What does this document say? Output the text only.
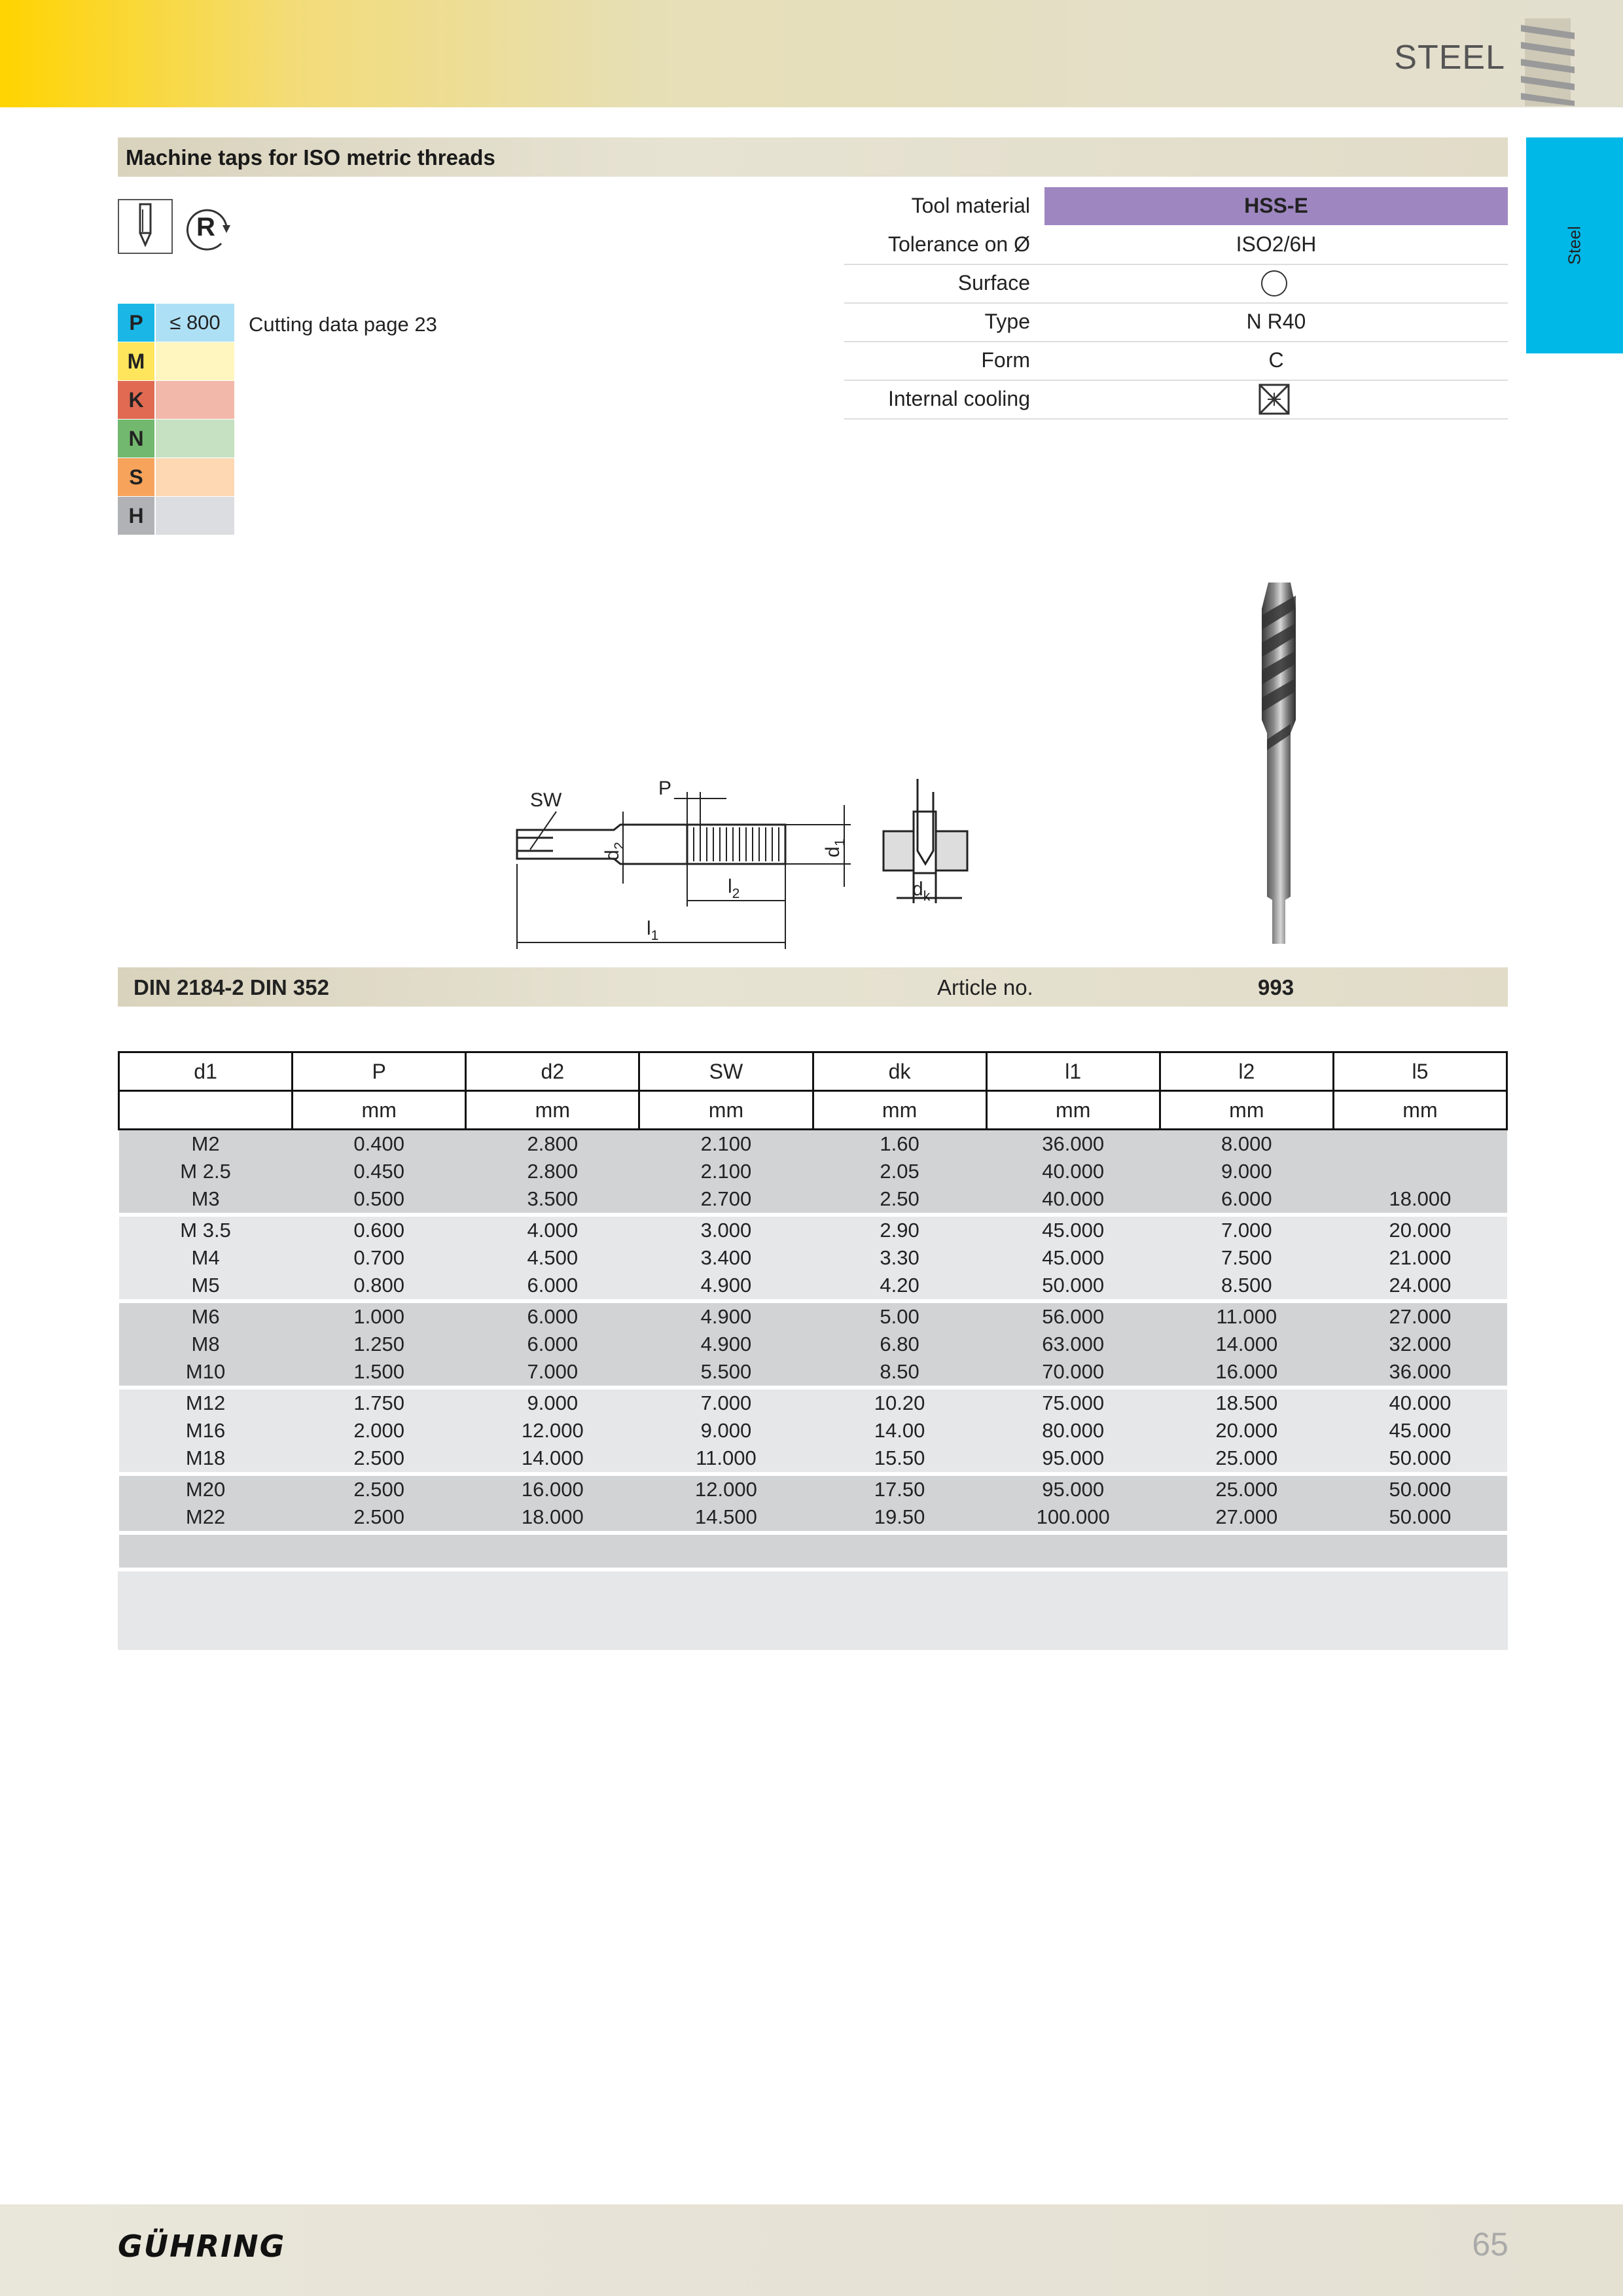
STEEL
Steel
Machine taps for ISO metric threads
R
Tool material	HSS-E
Tolerance on Ø	ISO2/6H
Surface
Type	N R40
Form	C
Internal cooling
P	≤ 800
M
K
N
S
H
Cutting data page 23
SW
P
d
2
d
1
$l_2$
$l_1$
$d_k$
DIN 2184-2 DIN 352	Article no.	993
d1	P	d2	SW	dk	l1	l2	l5
	mm	mm	mm	mm	mm	mm	mm
M2	0.400	2.800	2.100	1.60	36.000	8.000	
M 2.5	0.450	2.800	2.100	2.05	40.000	9.000	
M3	0.500	3.500	2.700	2.50	40.000	6.000	18.000
M 3.5	0.600	4.000	3.000	2.90	45.000	7.000	20.000
M4	0.700	4.500	3.400	3.30	45.000	7.500	21.000
M5	0.800	6.000	4.900	4.20	50.000	8.500	24.000
M6	1.000	6.000	4.900	5.00	56.000	11.000	27.000
M8	1.250	6.000	4.900	6.80	63.000	14.000	32.000
M10	1.500	7.000	5.500	8.50	70.000	16.000	36.000
M12	1.750	9.000	7.000	10.20	75.000	18.500	40.000
M16	2.000	12.000	9.000	14.00	80.000	20.000	45.000
M18	2.500	14.000	11.000	15.50	95.000	25.000	50.000
M20	2.500	16.000	12.000	17.50	95.000	25.000	50.000
M22	2.500	18.000	14.500	19.50	100.000	27.000	50.000

GÜHRING	65
